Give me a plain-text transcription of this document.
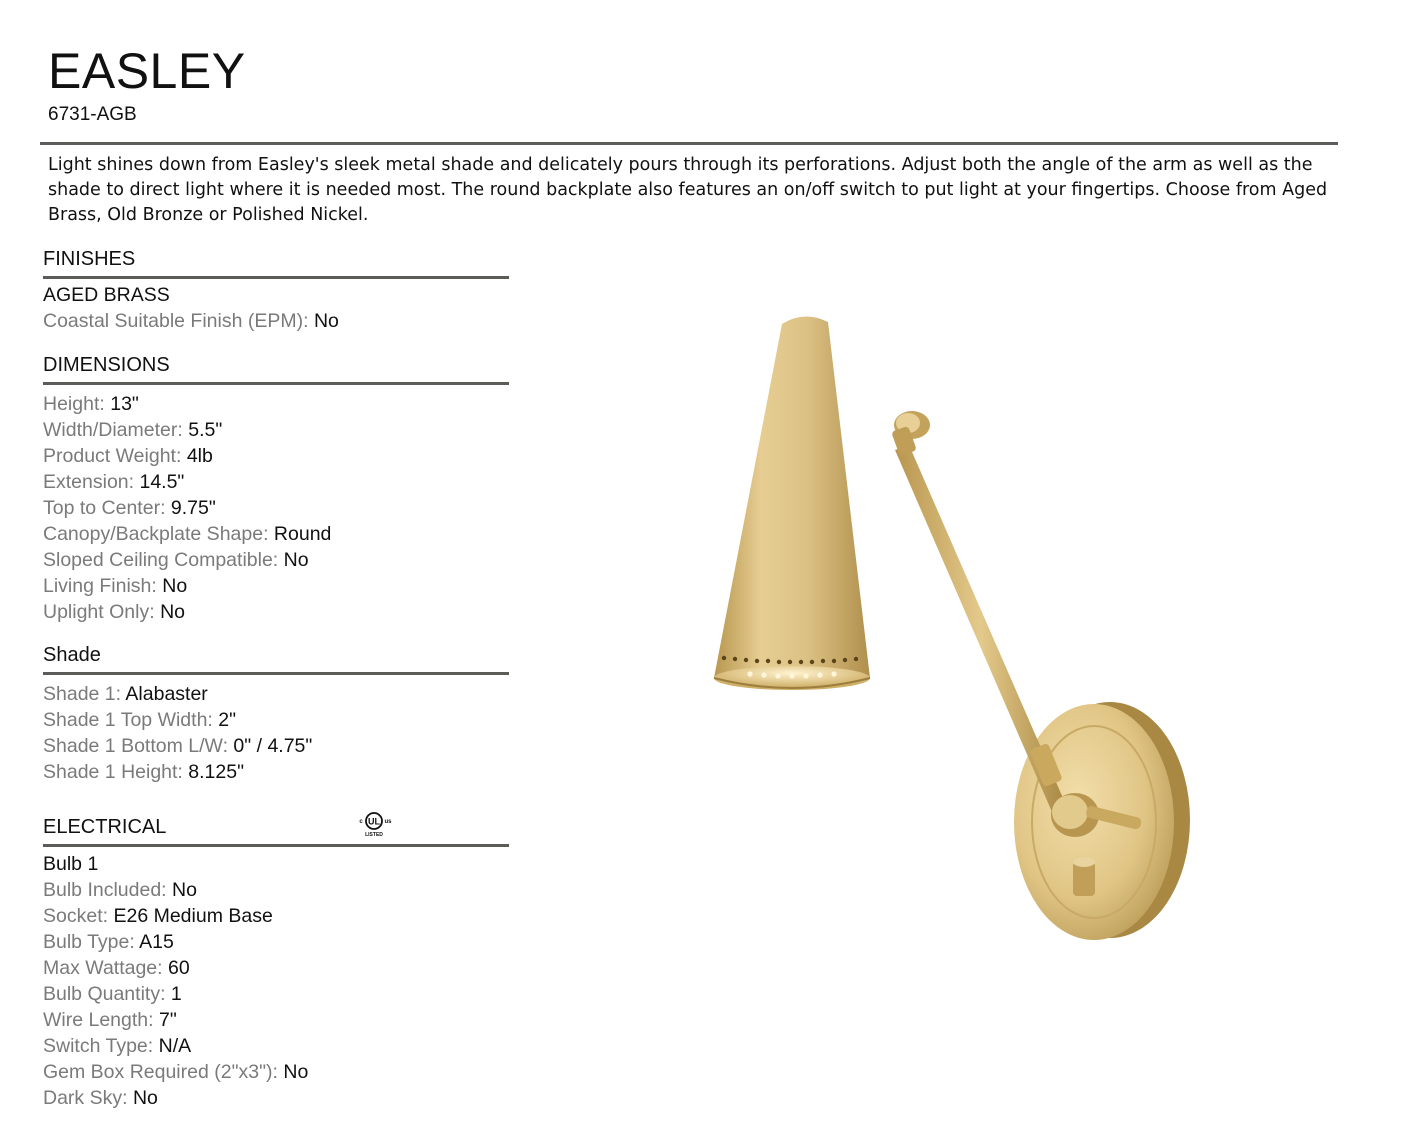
EASLEY
6731-AGB
Light shines down from Easley's sleek metal shade and delicately pours through its perforations. Adjust both the angle of the arm as well as the shade to direct light where it is needed most. The round backplate also features an on/off switch to put light at your fingertips. Choose from Aged Brass, Old Bronze or Polished Nickel.
FINISHES
AGED BRASS
Coastal Suitable Finish (EPM): No
DIMENSIONS
Height: 13"
Width/Diameter: 5.5"
Product Weight: 4lb
Extension: 14.5"
Top to Center: 9.75"
Canopy/Backplate Shape: Round
Sloped Ceiling Compatible: No
Living Finish: No
Uplight Only: No
Shade
Shade 1: Alabaster
Shade 1 Top Width: 2"
Shade 1 Bottom L/W: 0" / 4.75"
Shade 1 Height: 8.125"
ELECTRICAL
Bulb 1
Bulb Included: No
Socket: E26 Medium Base
Bulb Type: A15
Max Wattage: 60
Bulb Quantity: 1
Wire Length: 7"
Switch Type: N/A
Gem Box Required (2"x3"): No
Dark Sky: No
UL
c	us
LISTED
